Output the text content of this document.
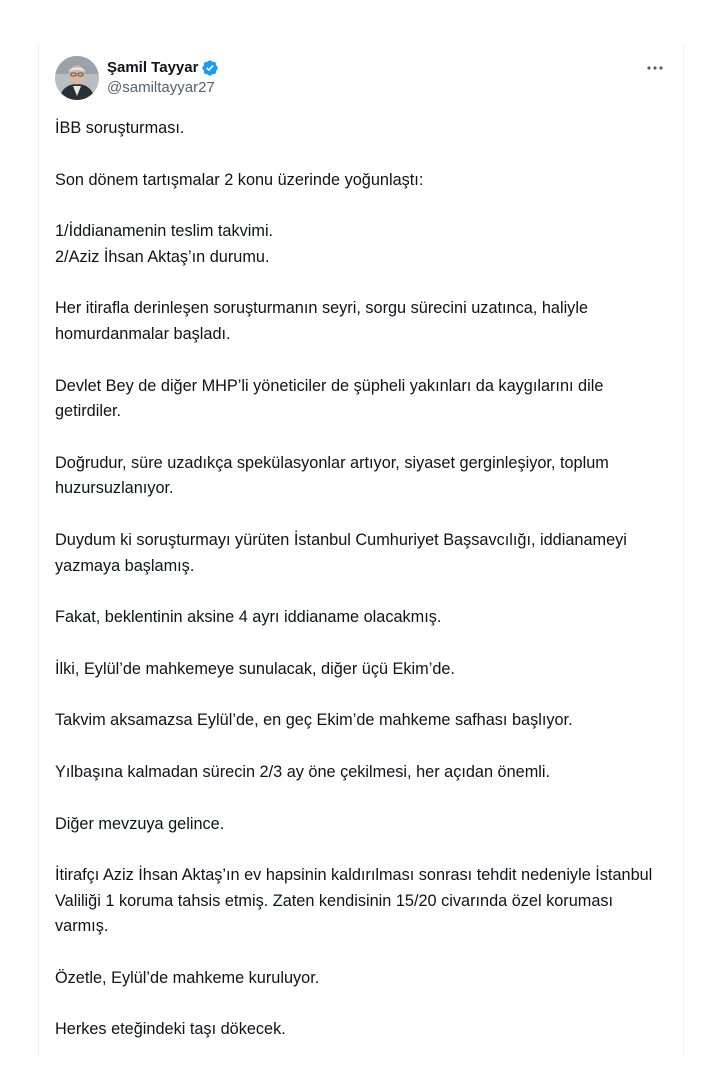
Şamil Tayyar
@samiltayyar27

İBB soruşturması.

Son dönem tartışmalar 2 konu üzerinde yoğunlaştı:

1/İddianamenin teslim takvimi.
2/Aziz İhsan Aktaş’ın durumu.

Her itirafla derinleşen soruşturmanın seyri, sorgu sürecini uzatınca, haliyle homurdanmalar başladı.

Devlet Bey de diğer MHP’li yöneticiler de şüpheli yakınları da kaygılarını dile getirdiler.

Doğrudur, süre uzadıkça spekülasyonlar artıyor, siyaset gerginleşiyor, toplum huzursuzlanıyor.

Duydum ki soruşturmayı yürüten İstanbul Cumhuriyet Başsavcılığı, iddianameyi yazmaya başlamış.

Fakat, beklentinin aksine 4 ayrı iddianame olacakmış.

İlki, Eylül’de mahkemeye sunulacak, diğer üçü Ekim’de.

Takvim aksamazsa Eylül’de, en geç Ekim’de mahkeme safhası başlıyor.

Yılbaşına kalmadan sürecin 2/3 ay öne çekilmesi, her açıdan önemli.

Diğer mevzuya gelince.

İtirafçı Aziz İhsan Aktaş’ın ev hapsinin kaldırılması sonrası tehdit nedeniyle İstanbul Valiliği 1 koruma tahsis etmiş. Zaten kendisinin 15/20 civarında özel koruması varmış.

Özetle, Eylül’de mahkeme kuruluyor.

Herkes eteğindeki taşı dökecek.
